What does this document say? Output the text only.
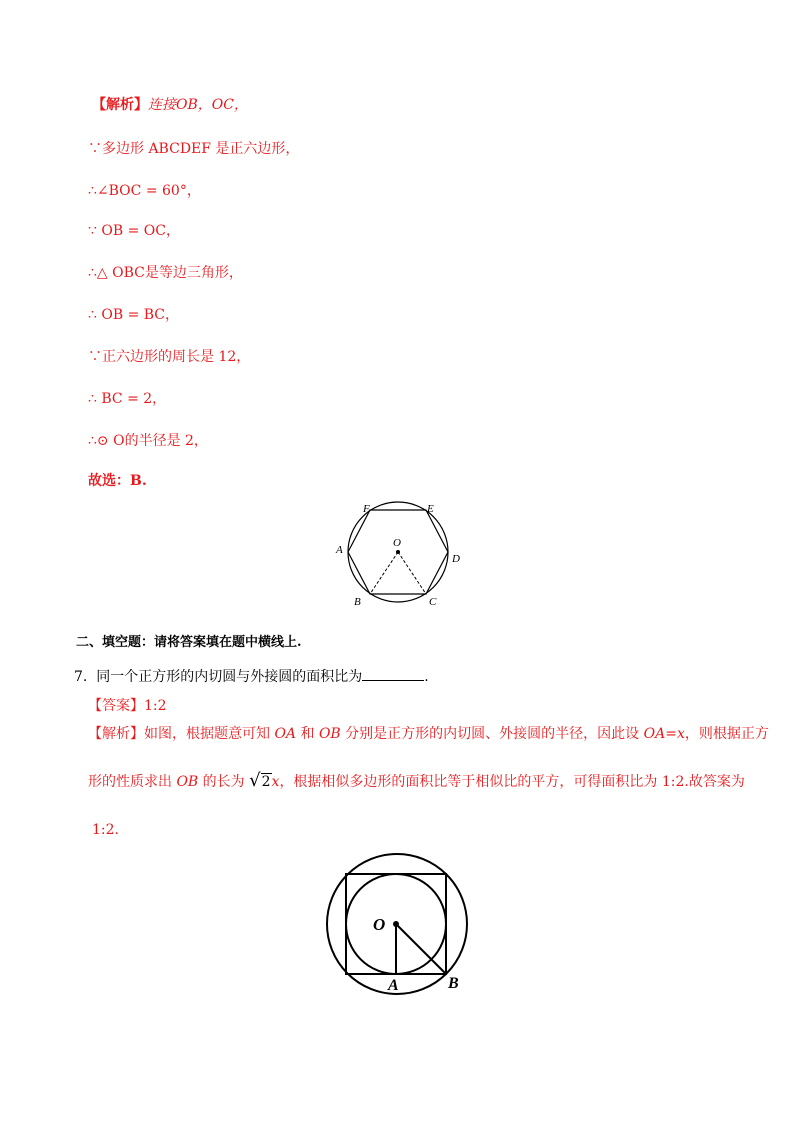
【解析】连接OB，OC，
∵多边形 ABCDEF 是正六边形，
∴∠BOC = 60°，
∵ OB = OC，
∴△ OBC是等边三角形，
∴ OB = BC，
∵正六边形的周长是 12，
∴ BC = 2，
∴⊙ O的半径是 2，
故选：B.
F	E
A
D
O
B	C
二、填空题：请将答案填在题中横线上.
7. 同一个正方形的内切圆与外接圆的面积比为	.
【答案】1:2
【解析】如图，根据题意可知 OA 和 OB 分别是正方形的内切圆、外接圆的半径，因此设 OA=x，则根据正方
形的性质求出 OB 的长为 √2x，根据相似多边形的面积比等于相似比的平方，可得面积比为 1:2.故答案为
1:2.
O
A	B
